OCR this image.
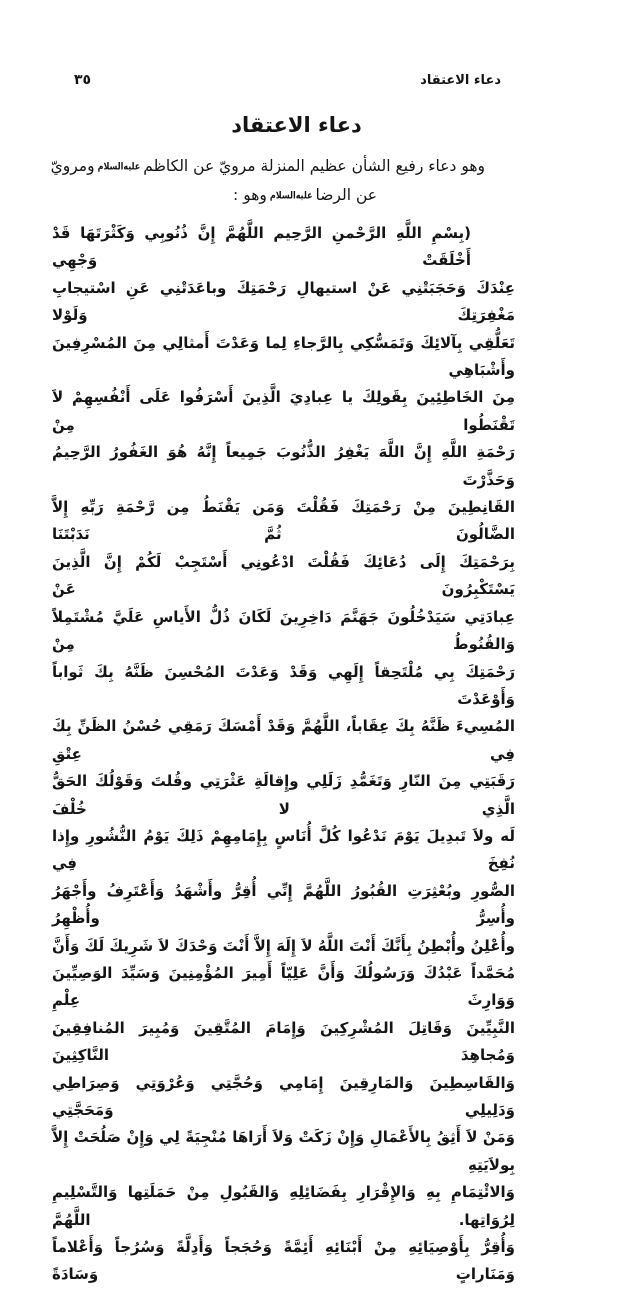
دعاء الاعتقاد
٣٥
دعاء الاعتقاد

وهو دعاء رفيع الشأن عظيم المنزلة مرويّ عن الكاظمعليه‌السلامومرويّ

عن الرضاعليه‌السلاموهو :

(بِسْمِ اللَّهِ الرَّحْمنِ الرَّحِيم اللَّهُمَّ إِنَّ ذُنُوبِي وَكَثْرَتَهَا قَدْ أَخْلَقَتْ وَجْهِي
عِنْدَكَ وَحَجَبَتْنِي عَنْ استيهالِ رَحْمَتِكَ وباعَدَتْنِي عَنِ اسْتيجابِ مَغْفِرَتِكَ وَلَوْلا
تَعَلُّقِي بِآلائِكَ وَتَمَسُّكِي بِالرَّجاءِ لِما وَعَدْتَ أَمثالِي مِنَ المُسْرِفِينَ وأَشْبَاهِي
مِنَ الخَاطِئِينَ بِقَولِكَ يا عِبادِيَ الَّذِينَ أَسْرَفُوا عَلَى أَنْفُسِهِمْ لاَ تَقْنَطُوا مِنْ
رَحْمَةِ اللَّهِ إِنَّ اللَّهَ يَغْفِرُ الذُّنُوبَ جَمِيعاً إِنَّهُ هُوَ الغَفُورُ الرَّحِيمُ وَحَذَّرْتَ
القَانِطِينَ مِنْ رَحْمَتِكَ فَقُلْتَ وَمَن يَقْنَطُ مِن رَّحْمَةِ رَبِّهِ إِلاَّ الضَّالُونَ ثُمَّ نَدَبْتَنَا
بِرَحْمَتِكَ إِلَى دُعَائِكَ فَقُلْتَ ادْعُونِي أَسْتَجِبْ لَكُمْ إِنَّ الَّذِينَ يَسْتَكْبِرُونَ عَنْ
عِبادَتِي سَيَدْخُلُونَ جَهَنَّمَ دَاخِرِينَ لَكَانَ ذُلُّ الأَياسِ عَلَيَّ مُشْتَمِلاً وَالقُنُوطُ مِنْ
رَحْمَتِكَ بِي مُلْتَحِقاً إِلَهِي وَقَدْ وَعَدْتَ المُحْسِنَ ظَنَّهُ بِكَ ثَواباً وَأَوْعَدْتَ
المُسِيءَ ظَنَّهُ بِكَ عِقَاباً، اللَّهُمَّ وَقَدْ أَمْسَكَ رَمَقِي حُسْنُ الظَنِّ بِكَ فِي عِتْقِ
رَقَبَتِي مِنَ النّارِ وَتَغَمُّدِ زَلَلِي وإِقالَةِ عَثْرَتِي وقُلتَ وَقَوْلُكَ الحَقُّ الَّذِي لا خُلْفَ
لَه ولاَ تَبدِيلَ يَوْمَ نَدْعُوا كُلَّ أُنَاسٍ بِإِمَامِهِمْ ذَلِكَ يَوْمُ النُّشُورِ وإِذا نُفِخَ فِي
الصُّورِ وبُعْثِرَتِ القُبُورُ اللَّهُمَّ إِنِّي أُقِرُّ وأَشْهَدُ وَأَعْتَرِفُ وأَجْهَرُ وأُسِرُّ وأُظْهِرُ
وأُعْلِنُ وأُبْطِنُ بِأَنَّكَ أَنْتَ اللَّهُ لاَ إِلَهَ إِلاَّ أَنْتَ وَحْدَكَ لاَ شَرِيكَ لَكَ وَأَنَّ
مُحَمَّداً عَبْدُكَ وَرَسُولُكَ وَأَنَّ عَلِيّاً أَمِيرَ المُؤْمِنِينَ وَسَيِّدَ الوَصِيِّينَ وَوَارِثَ عِلْمِ
النَّبِيِّينَ وَقَاتِلَ المُشْرِكِينَ وَإِمَامَ المُتَّقِينَ وَمُبِيرَ المُنافِقِينَ وَمُجاهِدَ النَّاكِثِينَ
وَالقَاسِطِينَ وَالمَارِقِينَ إِمَامِي وَحُجَّتِي وَعُرْوَتِي وَصِرَاطِي وَدَلِيلِي وَمَحَجَّتِي
وَمَنْ لاَ أَثِقُ بِالأَعْمَالِ وَإِنْ زَكَتْ وَلاَ أَرَاهَا مُنْجِيَةً لِي وَإِنْ صَلُحَتْ إِلاَّ بِولاَيَتِهِ
وَالائْتِمَامِ بِهِ وَالإِقْرَارِ بِفَضَائِلِهِ وَالقَبُولِ مِنْ حَمَلَتِها وَالتَّسْلِيمِ لِرُوَاتِها. اللَّهُمَّ
وَأُقِرُّ بِأَوْصِيَائِهِ مِنْ أَبْنَائِهِ أَئِمَّةً وَحُجَجاً وَأَدِلَّةً وَسُرُجاً وَأَعْلاماً وَمَنَاراتٍ وَسَادَةً
